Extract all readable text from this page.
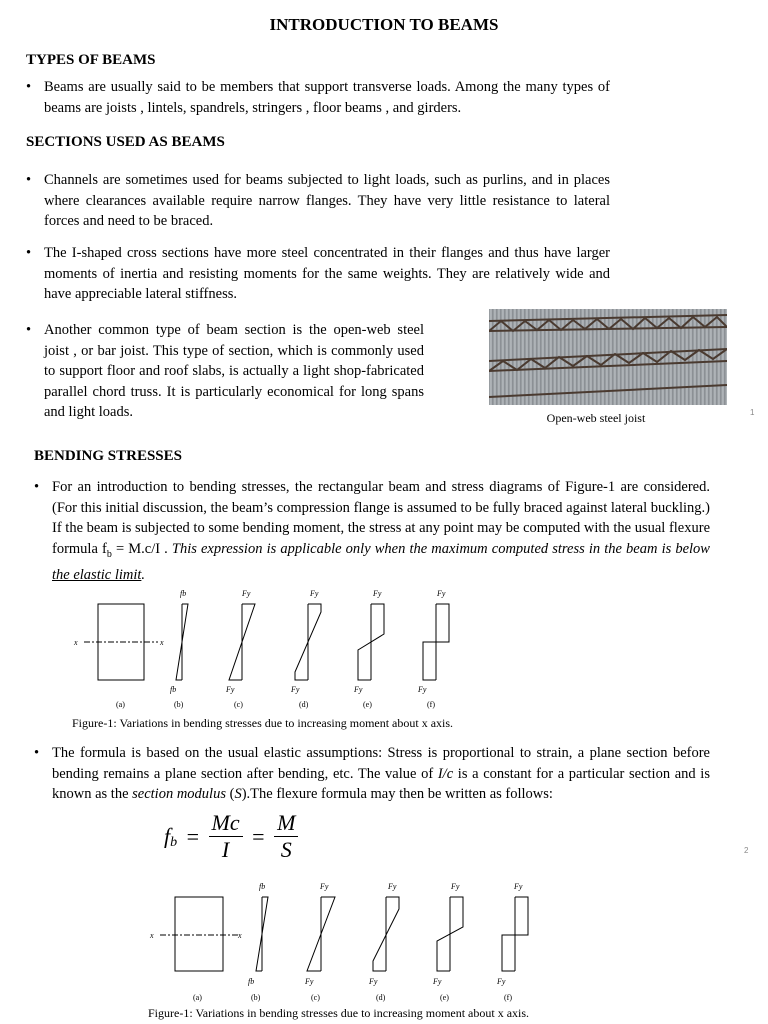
INTRODUCTION TO BEAMS
TYPES OF BEAMS
• Beams are usually said to be members that support transverse loads. Among the many types of beams are joists , lintels, spandrels, stringers , floor beams , and girders.
SECTIONS USED AS BEAMS
• Channels are sometimes used for beams subjected to light loads, such as purlins, and in places where clearances available require narrow flanges. They have very little resistance to lateral forces and need to be braced.
• The I-shaped cross sections have more steel concentrated in their flanges and thus have larger moments of inertia and resisting moments for the same weights. They are relatively wide and have appreciable lateral stiffness.
• Another common type of beam section is the open-web steel joist , or bar joist. This type of section, which is commonly used to support floor and roof slabs, is actually a light shop-fabricated parallel chord truss. It is particularly economical for long spans and light loads.	Open-web steel joist	1
BENDING STRESSES
• For an introduction to bending stresses, the rectangular beam and stress diagrams of Figure-1 are considered. (For this initial discussion, the beam’s compression flange is assumed to be fully braced against lateral buckling.) If the beam is subjected to some bending moment, the stress at any point may be computed with the usual flexure formula $f_b = M.c/I$ . This expression is applicable only when the maximum computed stress in the beam is below the elastic limit.
x	x
fb	Fy	Fy	Fy	Fy
fb	Fy	Fy	Fy	Fy
(a)	(b)	(c)	(d)	(e)	(f)
Figure-1: Variations in bending stresses due to increasing moment about x axis.
• The formula is based on the usual elastic assumptions: Stress is proportional to strain, a plane section before bending remains a plane section after bending, etc. The value of I/c is a constant for a particular section and is known as the section modulus (S).The flexure formula may then be written as follows:
$f_b = \frac{Mc}{I} = \frac{M}{S}$	2
x	x
fb	Fy	Fy	Fy	Fy
fb	Fy	Fy	Fy	Fy
(a)	(b)	(c)	(d)	(e)	(f)
Figure-1: Variations in bending stresses due to increasing moment about x axis.
